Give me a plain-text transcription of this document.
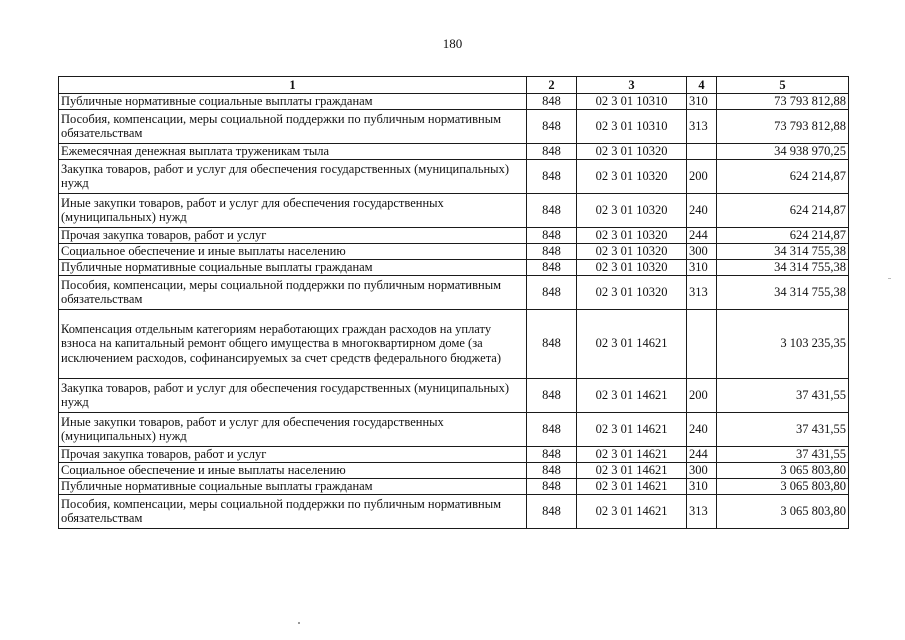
180
1	2	3	4	5
Публичные нормативные социальные выплаты гражданам	848	02 3 01 10310	310	73 793 812,88
Пособия, компенсации, меры социальной поддержки по публичным нормативным обязательствам	848	02 3 01 10310	313	73 793 812,88
Ежемесячная денежная выплата труженикам тыла	848	02 3 01 10320		34 938 970,25
Закупка товаров, работ и услуг для обеспечения государственных (муниципальных) нужд	848	02 3 01 10320	200	624 214,87
Иные закупки товаров, работ и услуг для обеспечения государственных (муниципальных) нужд	848	02 3 01 10320	240	624 214,87
Прочая закупка товаров, работ и услуг	848	02 3 01 10320	244	624 214,87
Социальное обеспечение и иные выплаты населению	848	02 3 01 10320	300	34 314 755,38
Публичные нормативные социальные выплаты гражданам	848	02 3 01 10320	310	34 314 755,38
Пособия, компенсации, меры социальной поддержки по публичным нормативным обязательствам	848	02 3 01 10320	313	34 314 755,38
Компенсация отдельным категориям неработающих граждан расходов на уплату взноса на капитальный ремонт общего имущества в многоквартирном доме (за исключением расходов, софинансируемых за счет средств федерального бюджета)	848	02 3 01 14621		3 103 235,35
Закупка товаров, работ и услуг для обеспечения государственных (муниципальных) нужд	848	02 3 01 14621	200	37 431,55
Иные закупки товаров, работ и услуг для обеспечения государственных (муниципальных) нужд	848	02 3 01 14621	240	37 431,55
Прочая закупка товаров, работ и услуг	848	02 3 01 14621	244	37 431,55
Социальное обеспечение и иные выплаты населению	848	02 3 01 14621	300	3 065 803,80
Публичные нормативные социальные выплаты гражданам	848	02 3 01 14621	310	3 065 803,80
Пособия, компенсации, меры социальной поддержки по публичным нормативным обязательствам	848	02 3 01 14621	313	3 065 803,80
